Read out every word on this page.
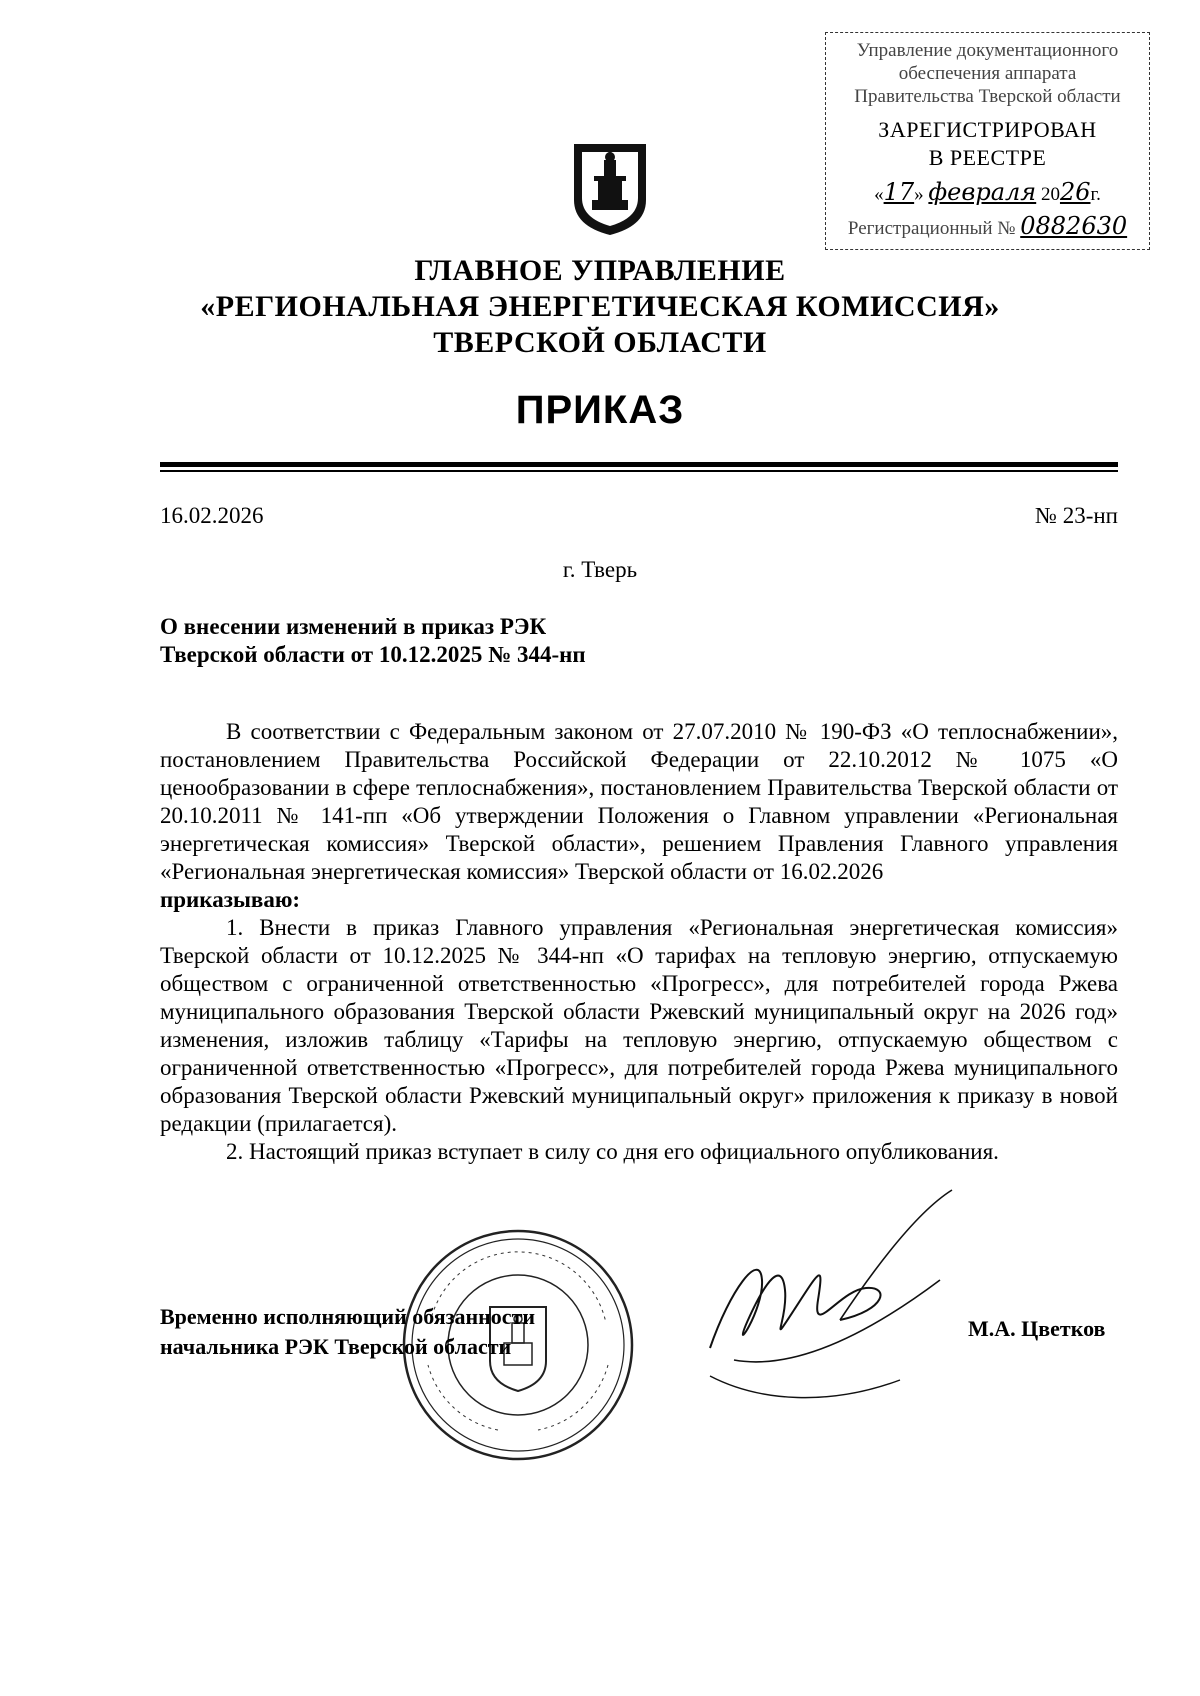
Управление документационного
обеспечения аппарата
Правительства Тверской области
ЗАРЕГИСТРИРОВАН
В РЕЕСТРЕ
«17» февраля 2026г.
Регистрационный № 0882630
ГЛАВНОЕ УПРАВЛЕНИЕ
«РЕГИОНАЛЬНАЯ ЭНЕРГЕТИЧЕСКАЯ КОМИССИЯ»
ТВЕРСКОЙ ОБЛАСТИ
ПРИКАЗ
16.02.2026	№ 23-нп
г. Тверь
О внесении изменений в приказ РЭК
Тверской области от 10.12.2025 № 344-нп

В соответствии с Федеральным законом от 27.07.2010 № 190-ФЗ «О теплоснабжении», постановлением Правительства Российской Федерации от 22.10.2012 № 1075 «О ценообразовании в сфере теплоснабжения», постановлением Правительства Тверской области от 20.10.2011 № 141-пп «Об утверждении Положения о Главном управлении «Региональная энергетическая комиссия» Тверской области», решением Правления Главного управления «Региональная энергетическая комиссия» Тверской области от 16.02.2026

приказываю:

1. Внести в приказ Главного управления «Региональная энергетическая комиссия» Тверской области от 10.12.2025 № 344-нп «О тарифах на тепловую энергию, отпускаемую обществом с ограниченной ответственностью «Прогресс», для потребителей города Ржева муниципального образования Тверской области Ржевский муниципальный округ на 2026 год» изменения, изложив таблицу «Тарифы на тепловую энергию, отпускаемую обществом с ограниченной ответственностью «Прогресс», для потребителей города Ржева муниципального образования Тверской области Ржевский муниципальный округ» приложения к приказу в новой редакции (прилагается).

2. Настоящий приказ вступает в силу со дня его официального опубликования.

Временно исполняющий обязанности
начальника РЭК Тверской области
М.А. Цветков
